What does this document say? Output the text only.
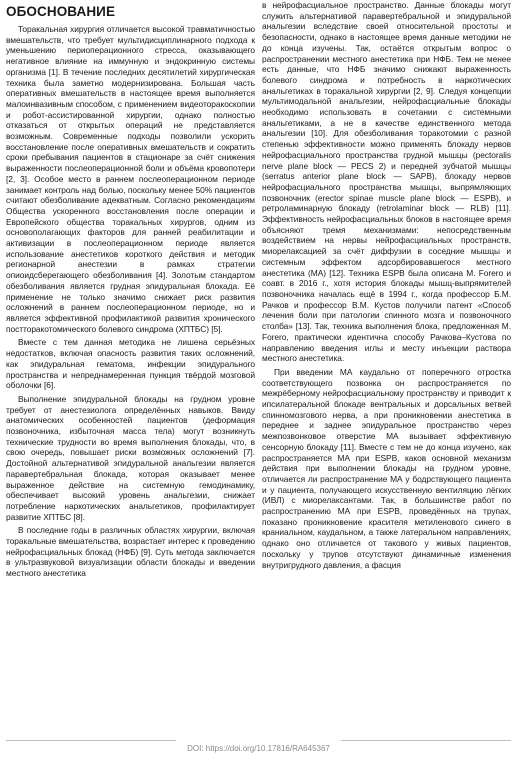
ОБОСНОВАНИЕ

Торакальная хирургия отличается высокой травматичностью вмешательств, что требует мультидисциплинарного подхода к уменьшению периоперационного стресса, оказывающего негативное влияние на иммунную и эндокринную системы организма [1]. В течение последних десятилетий хирургическая техника была заметно модернизирована. Большая часть оперативных вмешательств в настоящее время выполняется малоинвазивным способом, с применением видеоторакоскопии и робот-ассистированной хирургии, однако полностью отказаться от открытых операций не представляется возможным. Современные подходы позволили ускорить восстановление после оперативных вмешательств и сократить сроки пребывания пациентов в стационаре за счёт снижения выраженности послеоперационной боли и объёма кровопотери [2, 3]. Особое место в раннем послеоперационном периоде занимает контроль над болью, поскольку менее 50% пациентов считают обезболивание адекватным. Согласно рекомендациям Общества ускоренного восстановления после операции и Европейского общества торакальных хирургов, одним из основополагающих факторов для ранней реабилитации и активизации в послеоперационном периоде является использование анестетиков короткого действия и методик регионарной анестезии в рамках стратегии опиоидсберегающего обезболивания [4]. Золотым стандартом обезболивания является грудная эпидуральная блокада. Её применение не только значимо снижает риск развития осложнений в раннем послеоперационном периоде, но и является эффективной профилактикой развития хронического постторакотомического болевого синдрома (ХПТБС) [5].

Вместе с тем данная методика не лишена серьёзных недостатков, включая опасность развития таких осложнений, как эпидуральная гематома, инфекции эпидурального пространства и непреднамеренная пункция твёрдой мозговой оболочки [6].

Выполнение эпидуральной блокады на грудном уровне требует от анестезиолога определённых навыков. Ввиду анатомических особенностей пациентов (деформация позвоночника, избыточная масса тела) могут возникнуть технические трудности во время выполнения блокады, что, в свою очередь, повышает риски возможных осложнений [7]. Достойной альтернативой эпидуральной анальгезии является паравертебральная блокада, которая оказывает менее выраженное действие на системную гемодинамику, обеспечивает высокий уровень анальгезии, снижает потребление наркотических анальгетиков, профилактирует развитие ХПТБС [8].

В последние годы в различных областях хирургии, включая торакальные вмешательства, возрастает интерес к проведению нейрофасциальных блокад (НФБ) [9]. Суть метода заключается в ультразвуковой визуализации области блокады и введении местного анестетика

в нейрофасциальное пространство. Данные блокады могут служить альтернативой паравертебральной и эпидуральной анальгезии вследствие своей относительной простоты и безопасности, однако в настоящее время данные методики не до конца изучены. Так, остаётся открытым вопрос о распространении местного анестетика при НФБ. Тем не менее есть данные, что НФБ значимо снижают выраженность болевого синдрома и потребность в наркотических анальгетиках в торакальной хирургии [2, 9]. Следуя концепции мультимодальной анальгезии, нейрофасциальные блокады необходимо использовать в сочетании с системными анальгетиками, а не в качестве единственного метода анальгезии [10]. Для обезболивания торакотомии с разной степенью эффективности можно применять блокаду нервов нейрофасциального пространства грудной мышцы (pectoralis nerve plane block — PECS 2) и передней зубчатой мышцы (serratus anterior plane block — SAPB), блокаду нервов нейрофасциального пространства мышцы, выпрямляющих позвоночник (erector spinae muscle plane block — ESPB), и ретроламинарную блокаду (retrolaminar block — RLB) [11]. Эффективность нейрофасциальных блоков в настоящее время объясняют тремя механизмами: непосредственным воздействием на нервы нейрофасциальных пространств, миорелаксацией за счёт диффузии в соседние мышцы и системным эффектом адсорбировавшегося местного анестетика (МА) [12]. Техника ESPB была описана M. Forero и соавт. в 2016 г., хотя история блокады мышц-выпрямителей позвоночника началась ещё в 1994 г., когда профессор Б.М. Рачков и профессор В.М. Кустов получили патент «Способ лечения боли при патологии спинного мозга и позвоночного столба» [13]. Так, техника выполнения блока, предложенная M. Forero, практически идентична способу Рачкова–Кустова по направлению введения иглы и месту инъекции раствора местного анестетика.

При введении МА каудально от поперечного отростка соответствующего позвонка он распространяется по межрёберному нейрофасциальному пространству и приводит к ипсилатеральной блокаде вентральных и дорсальных ветвей спинномозгового нерва, а при проникновении анестетика в переднее и заднее эпидуральное пространство через межпозвонковое отверстие МА вызывает эффективную сенсорную блокаду [11]. Вместе с тем не до конца изучено, как распространяется МА при ESPB, каков основной механизм действия при выполнении блокады на грудном уровне, отличается ли распространение МА у бодрствующего пациента и у пациента, получающего искусственную вентиляцию лёгких (ИВЛ) с миорелаксантами. Так, в большинстве работ по распространению МА при ESPB, проведённых на трупах, показано проникновение красителя метиленового синего в краниальном, каудальном, а также латеральном направлениях, однако оно отличается от такового у живых пациентов, поскольку у трупов отсутствуют динамичные изменения внутригрудного давления, а фасция

DOI: https://doi.org/10.17816/RA645367
